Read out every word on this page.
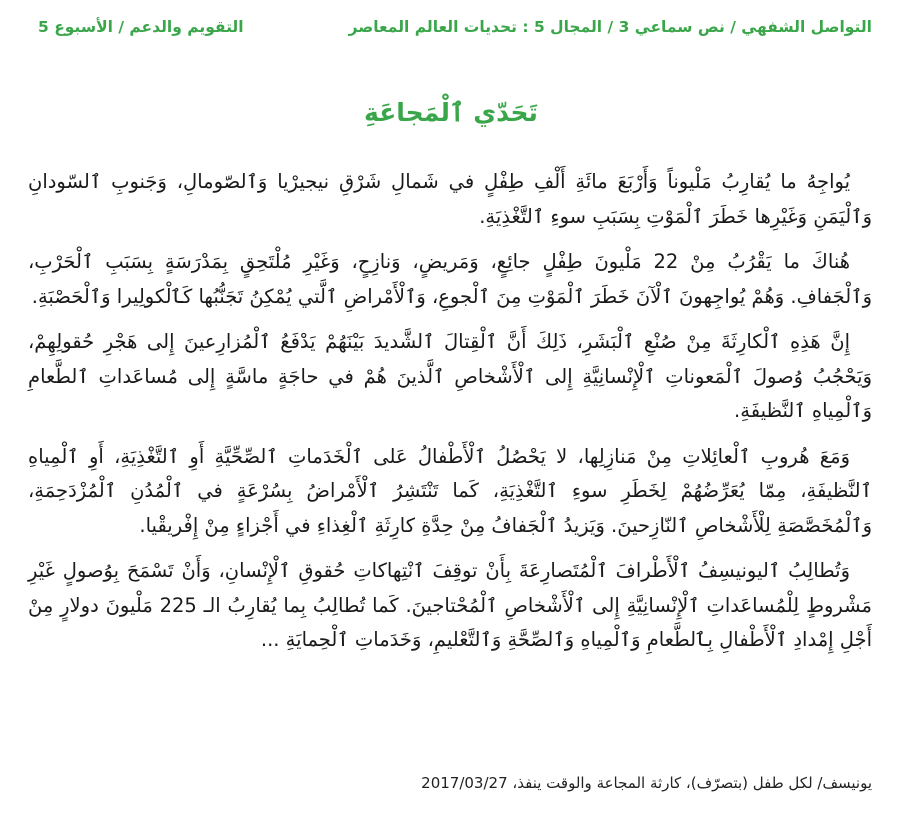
التواصل الشفهي / نص سماعي 3 / المجال 5 : تحديات العالم المعاصر
التقويم والدعم / الأسبوع 5
تَحَدّي ٱلْمَجاعَةِ

يُواجِهُ ما يُقارِبُ مَلْيوناً وَأَرْبَعَ مائَةِ أَلْفِ طِفْلٍ في شَمالِ شَرْقِ نيجيرْيا وَٱلصّومالِ، وَجَنوبِ ٱلسّودانِ وَٱلْيَمَنِ وَغَيْرِها خَطَرَ ٱلْمَوْتِ بِسَبَبِ سوءِ ٱلتَّغْذِيَةِ.

هُناكَ ما يَقْرُبُ مِنْ 22 مَلْيونَ طِفْلٍ جائِعٍ، وَمَريضٍ، وَنازِحٍ، وَغَيْرِ مُلْتَحِقٍ بِمَدْرَسَةٍ بِسَبَبِ ٱلْحَرْبِ، وَٱلْجَفافِ. وَهُمْ يُواجِهونَ ٱلْآنَ خَطَرَ ٱلْمَوْتِ مِنَ ٱلْجوعِ، وَٱلْأَمْراضِ ٱلَّتي يُمْكِنُ تَجَنُّبُها كَٱلْكولِيرا وَٱلْحَصْبَةِ.

إِنَّ هَذِهِ ٱلْكارِثَةَ مِنْ صُنْعِ ٱلْبَشَرِ، ذَلِكَ أَنَّ ٱلْقِتالَ ٱلشَّديدَ بَيْنَهُمْ يَدْفَعُ ٱلْمُزارِعينَ إِلى هَجْرِ حُقولِهِمْ، وَيَحْجُبُ وُصولَ ٱلْمَعوناتِ ٱلْإِنْسانِيَّةِ إِلى ٱلْأَشْخاصِ ٱلَّذينَ هُمْ في حاجَةٍ ماسَّةٍ إِلى مُساعَداتِ ٱلطَّعامِ وَٱلْمِياهِ ٱلنَّظيفَةِ.

وَمَعَ هُروبِ ٱلْعائِلاتِ مِنْ مَنازِلِها، لا يَحْصُلُ ٱلْأَطْفالُ عَلى ٱلْخَدَماتِ ٱلصِّحِّيَّةِ أَوِ ٱلتَّغْذِيَةِ، أَوِ ٱلْمِياهِ ٱلنَّظيفَةِ، مِمّا يُعَرِّضُهُمْ لِخَطَرِ سوءِ ٱلتَّغْذِيَةِ، كَما تَنْتَشِرُ ٱلْأَمْراضُ بِسُرْعَةٍ في ٱلْمُدُنِ ٱلْمُزْدَحِمَةِ، وَٱلْمُخَصَّصَةِ لِلْأَشْخاصِ ٱلنّازِحينَ. وَيَزيدُ ٱلْجَفافُ مِنْ حِدَّةِ كارِثَةِ ٱلْغِذاءِ في أَجْزاءٍ مِنْ إِفْريقْيا.

وَتُطالِبُ ٱليونيسِفُ ٱلْأَطْرافَ ٱلْمُتَصارِعَةَ بِأَنْ توقِفَ ٱنْتِهاكاتِ حُقوقِ ٱلْإِنْسانِ، وَأَنْ تَسْمَحَ بِوُصولٍ غَيْرِ مَشْروطٍ لِلْمُساعَداتِ ٱلْإِنْسانِيَّةِ إِلى ٱلْأَشْخاصِ ٱلْمُحْتاجينَ. كَما تُطالِبُ بِما يُقارِبُ الـ 225 مَلْيونَ دولارٍ مِنْ أَجْلِ إِمْدادِ ٱلْأَطْفالِ بِٱلطَّعامِ وَٱلْمِياهِ وَٱلصِّحَّةِ وَٱلتَّعْليمِ، وَخَدَماتِ ٱلْحِمايَةِ ...

يونيسف/ لكل طفل (بتصرّف)، كارثة المجاعة والوقت ينفذ، 2017/03/27
